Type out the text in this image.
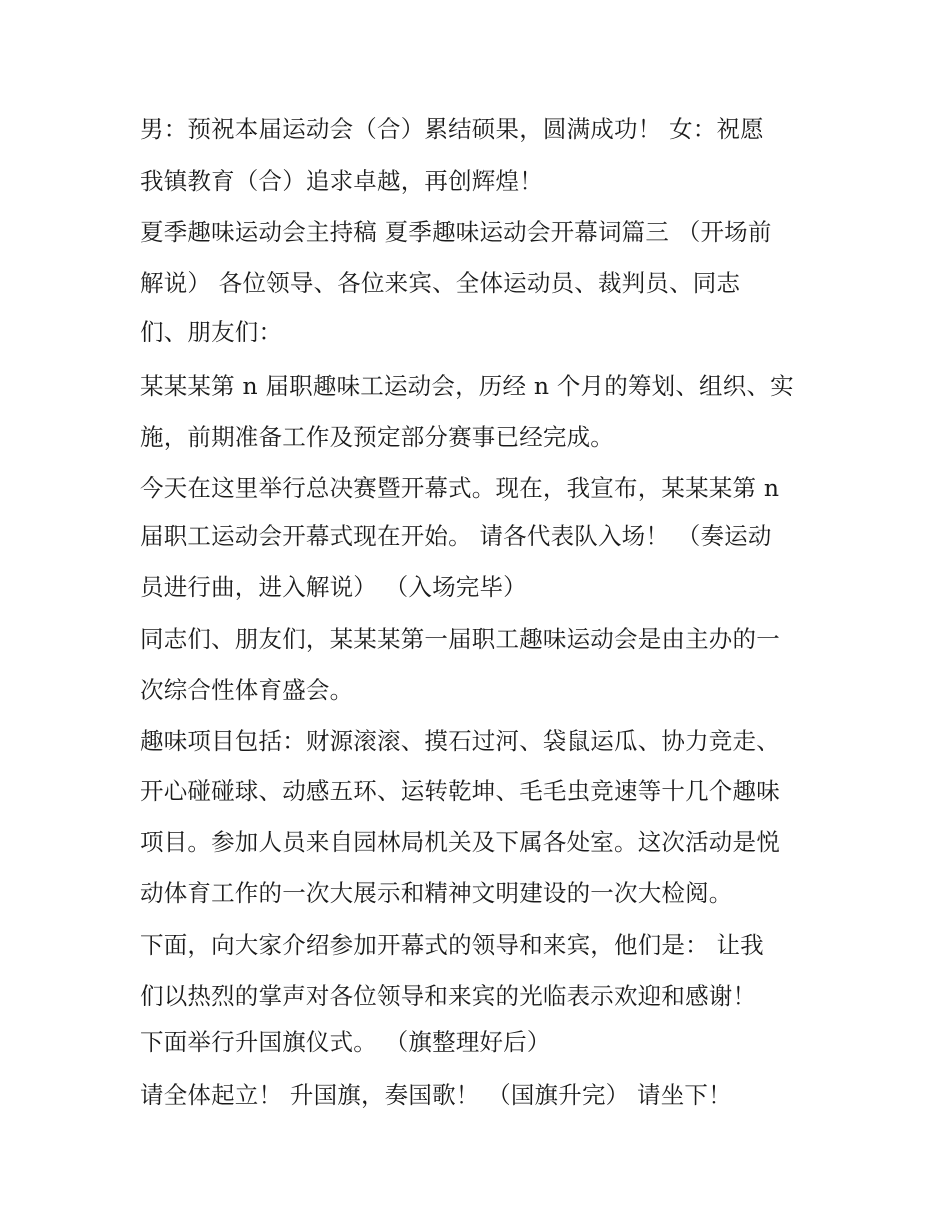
男：预祝本届运动会（合）累结硕果，圆满成功！ 女：祝愿
我镇教育（合）追求卓越，再创辉煌！
夏季趣味运动会主持稿 夏季趣味运动会开幕词篇三 （开场前
解说） 各位领导、各位来宾、全体运动员、裁判员、同志
们、朋友们：
某某某第 n 届职趣味工运动会，历经 n 个月的筹划、组织、实
施，前期准备工作及预定部分赛事已经完成。
今天在这里举行总决赛暨开幕式。现在，我宣布，某某某第 n
届职工运动会开幕式现在开始。 请各代表队入场！ （奏运动
员进行曲，进入解说） （入场完毕）
同志们、朋友们，某某某第一届职工趣味运动会是由主办的一
次综合性体育盛会。
趣味项目包括：财源滚滚、摸石过河、袋鼠运瓜、协力竞走、
开心碰碰球、动感五环、运转乾坤、毛毛虫竞速等十几个趣味
项目。参加人员来自园林局机关及下属各处室。这次活动是悦
动体育工作的一次大展示和精神文明建设的一次大检阅。
下面，向大家介绍参加开幕式的领导和来宾，他们是： 让我
们以热烈的掌声对各位领导和来宾的光临表示欢迎和感谢！
下面举行升国旗仪式。 （旗整理好后）
请全体起立！ 升国旗，奏国歌！ （国旗升完） 请坐下！
